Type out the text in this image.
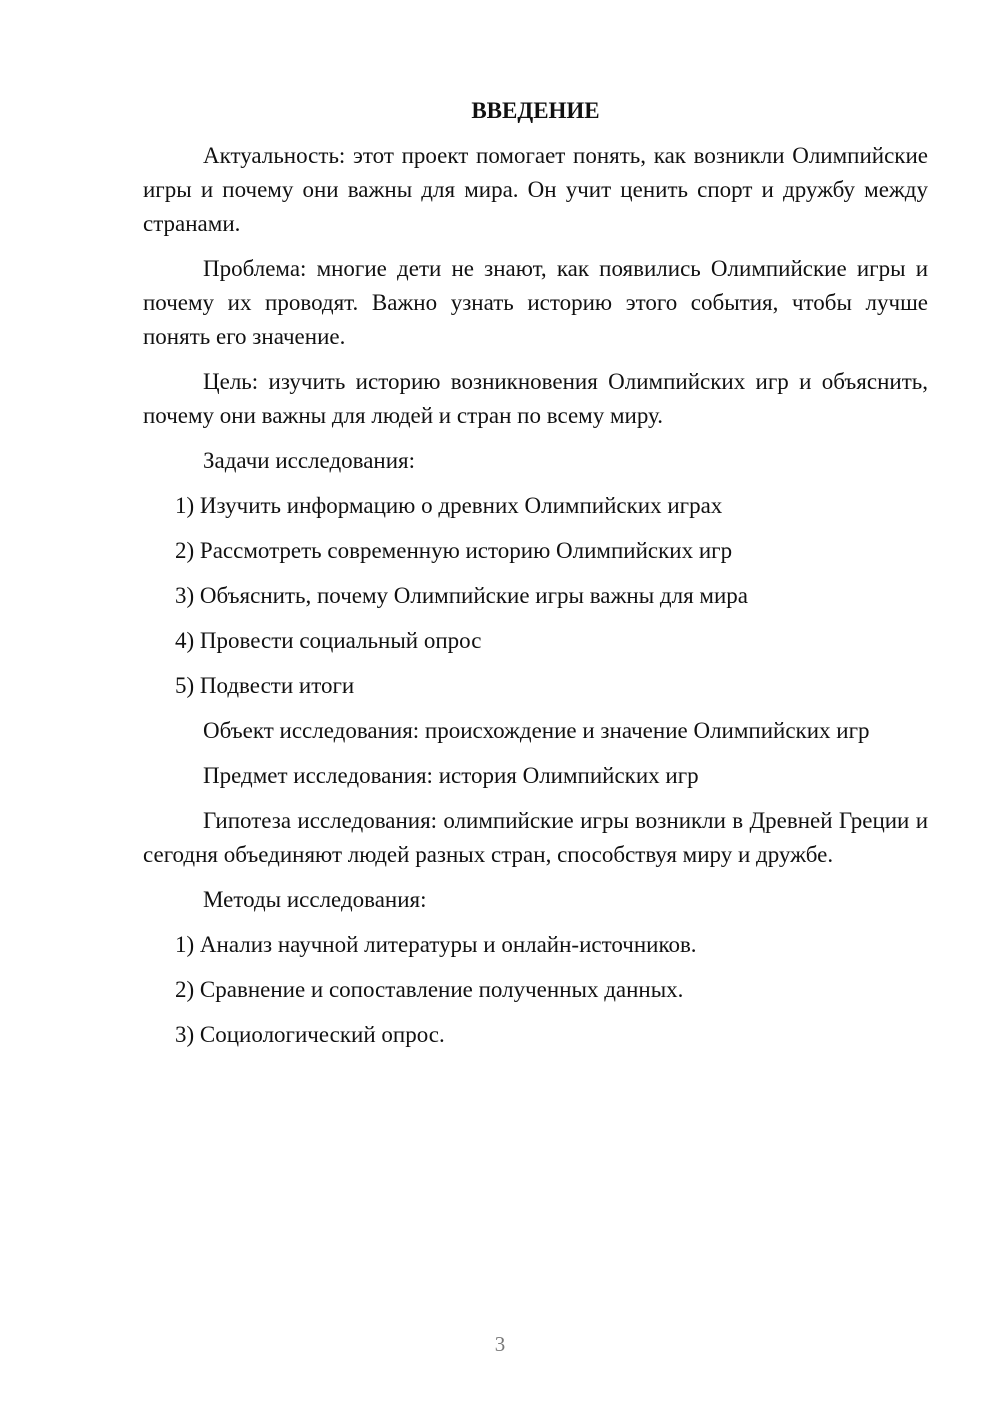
ВВЕДЕНИЕ
Актуальность: этот проект помогает понять, как возникли Олимпийские игры и почему они важны для мира. Он учит ценить спорт и дружбу между странами.
Проблема: многие дети не знают, как появились Олимпийские игры и почему их проводят. Важно узнать историю этого события, чтобы лучше понять его значение.
Цель: изучить историю возникновения Олимпийских игр и объяснить, почему они важны для людей и стран по всему миру.
Задачи исследования:
1) Изучить информацию о древних Олимпийских играх
2) Рассмотреть современную историю Олимпийских игр
3) Объяснить, почему Олимпийские игры важны для мира
4) Провести социальный опрос
5) Подвести итоги
Объект исследования: происхождение и значение Олимпийских игр
Предмет исследования: история Олимпийских игр
Гипотеза исследования: олимпийские игры возникли в Древней Греции и сегодня объединяют людей разных стран, способствуя миру и дружбе.
Методы исследования:
1) Анализ научной литературы и онлайн-источников.
2) Сравнение и сопоставление полученных данных.
3) Социологический опрос.
3
